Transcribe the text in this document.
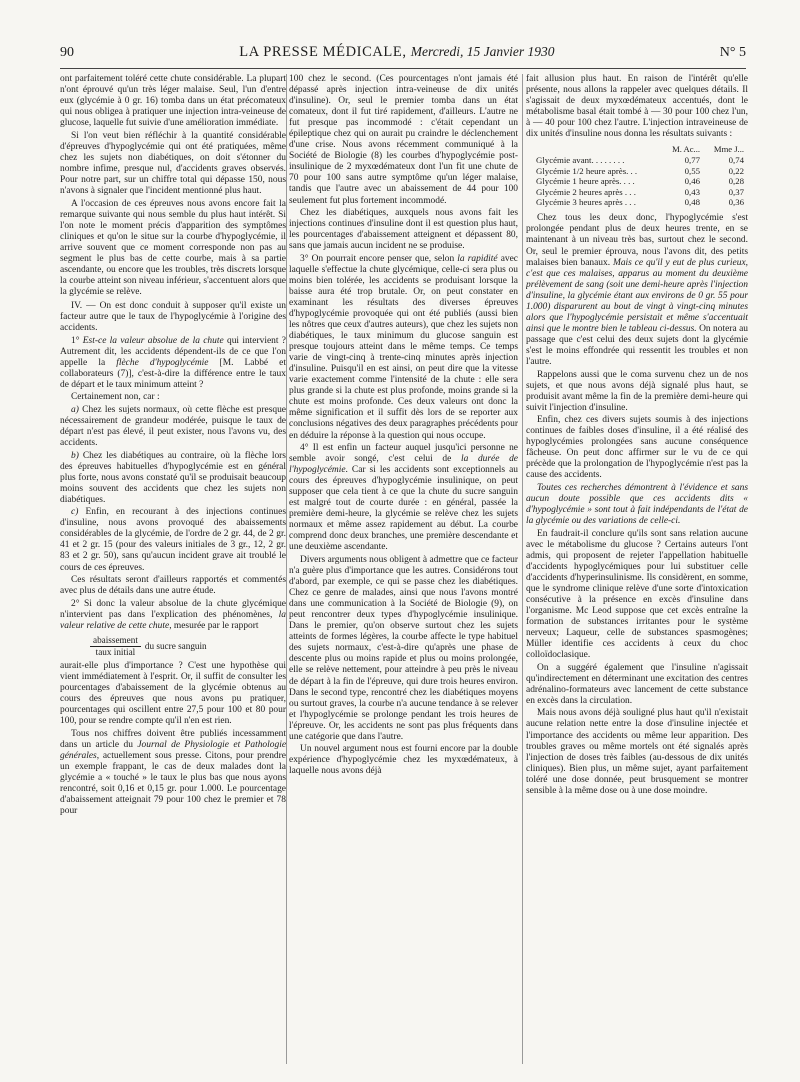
90	LA PRESSE MÉDICALE, Mercredi, 15 Janvier 1930	N° 5

ont parfaitement toléré cette chute considérable. La plupart n'ont éprouvé qu'un très léger malaise. Seul, l'un d'entre eux (glycémie à 0 gr. 16) tomba dans un état précomateux qui nous obligea à pratiquer une injection intra-veineuse de glucose, laquelle fut suivie d'une amélioration immédiate.

Si l'on veut bien réfléchir à la quantité considérable d'épreuves d'hypoglycémie qui ont été pratiquées, même chez les sujets non diabétiques, on doit s'étonner du nombre infime, presque nul, d'accidents graves observés. Pour notre part, sur un chiffre total qui dépasse 150, nous n'avons à signaler que l'incident mentionné plus haut.

A l'occasion de ces épreuves nous avons encore fait la remarque suivante qui nous semble du plus haut intérêt. Si l'on note le moment précis d'apparition des symptômes cliniques et qu'on le situe sur la courbe d'hypoglycémie, il arrive souvent que ce moment corresponde non pas au segment le plus bas de cette courbe, mais à sa partie ascendante, ou encore que les troubles, très discrets lorsque la courbe atteint son niveau inférieur, s'accentuent alors que la glycémie se relève.

IV. — On est donc conduit à supposer qu'il existe un facteur autre que le taux de l'hypoglycémie à l'origine des accidents.

1° Est-ce la valeur absolue de la chute qui intervient ? Autrement dit, les accidents dépendent-ils de ce que l'on appelle la flèche d'hypoglycémie [M. Labbé et collaborateurs (7)], c'est-à-dire la différence entre le taux de départ et le taux minimum atteint ?

Certainement non, car :

a) Chez les sujets normaux, où cette flèche est presque nécessairement de grandeur modérée, puisque le taux de départ n'est pas élevé, il peut exister, nous l'avons vu, des accidents.

b) Chez les diabétiques au contraire, où la flèche lors des épreuves habituelles d'hypoglycémie est en général plus forte, nous avons constaté qu'il se produisait beaucoup moins souvent des accidents que chez les sujets non diabétiques.

c) Enfin, en recourant à des injections continues d'insuline, nous avons provoqué des abaissements considérables de la glycémie, de l'ordre de 2 gr. 44, de 2 gr. 41 et 2 gr. 15 (pour des valeurs initiales de 3 gr., 12, 2 gr. 83 et 2 gr. 50), sans qu'aucun incident grave ait troublé le cours de ces épreuves.

Ces résultats seront d'ailleurs rapportés et commentés avec plus de détails dans une autre étude.

2° Si donc la valeur absolue de la chute glycémique n'intervient pas dans l'explication des phénomènes, la valeur relative de cette chute, mesurée par le rapport

$\frac{\text{abaissement}}{\text{taux initial}}$ du sucre sanguin

aurait-elle plus d'importance ? C'est une hypothèse qui vient immédiatement à l'esprit. Or, il suffit de consulter les pourcentages d'abaissement de la glycémie obtenus au cours des épreuves que nous avons pu pratiquer, pourcentages qui oscillent entre 27,5 pour 100 et 80 pour 100, pour se rendre compte qu'il n'en est rien.

Tous nos chiffres doivent être publiés incessamment dans un article du Journal de Physiologie et Pathologie générales, actuellement sous presse. Citons, pour prendre un exemple frappant, le cas de deux malades dont la glycémie a « touché » le taux le plus bas que nous ayons rencontré, soit 0,16 et 0,15 gr. pour 1.000. Le pourcentage d'abaissement atteignait 79 pour 100 chez le premier et 78 pour

100 chez le second. (Ces pourcentages n'ont jamais été dépassé après injection intra-veineuse de dix unités d'insuline). Or, seul le premier tomba dans un état comateux, dont il fut tiré rapidement, d'ailleurs. L'autre ne fut presque pas incommodé : c'était cependant un épileptique chez qui on aurait pu craindre le déclenchement d'une crise. Nous avons récemment communiqué à la Société de Biologie (8) les courbes d'hypoglycémie post-insulinique de 2 myxœdémateux dont l'un fit une chute de 70 pour 100 sans autre symptôme qu'un léger malaise, tandis que l'autre avec un abaissement de 44 pour 100 seulement fut plus fortement incommodé.

Chez les diabétiques, auxquels nous avons fait les injections continues d'insuline dont il est question plus haut, les pourcentages d'abaissement atteignent et dépassent 80, sans que jamais aucun incident ne se produise.

3° On pourrait encore penser que, selon la rapidité avec laquelle s'effectue la chute glycémique, celle-ci sera plus ou moins bien tolérée, les accidents se produisant lorsque la baisse aura été trop brutale. Or, on peut constater en examinant les résultats des diverses épreuves d'hypoglycémie provoquée qui ont été publiés (aussi bien les nôtres que ceux d'autres auteurs), que chez les sujets non diabétiques, le taux minimum du glucose sanguin est presque toujours atteint dans le même temps. Ce temps varie de vingt-cinq à trente-cinq minutes après injection d'insuline. Puisqu'il en est ainsi, on peut dire que la vitesse varie exactement comme l'intensité de la chute : elle sera plus grande si la chute est plus profonde, moins grande si la chute est moins profonde. Ces deux valeurs ont donc la même signification et il suffit dès lors de se reporter aux conclusions négatives des deux paragraphes précédents pour en déduire la réponse à la question qui nous occupe.

4° Il est enfin un facteur auquel jusqu'ici personne ne semble avoir songé, c'est celui de la durée de l'hypoglycémie. Car si les accidents sont exceptionnels au cours des épreuves d'hypoglycémie insulinique, on peut supposer que cela tient à ce que la chute du sucre sanguin est malgré tout de courte durée : en général, passée la première demi-heure, la glycémie se relève chez les sujets normaux et même assez rapidement au début. La courbe comprend donc deux branches, une première descendante et une deuxième ascendante.

Divers arguments nous obligent à admettre que ce facteur n'a guère plus d'importance que les autres. Considérons tout d'abord, par exemple, ce qui se passe chez les diabétiques. Chez ce genre de malades, ainsi que nous l'avons montré dans une communication à la Société de Biologie (9), on peut rencontrer deux types d'hypoglycémie insulinique. Dans le premier, qu'on observe surtout chez les sujets atteints de formes légères, la courbe affecte le type habituel des sujets normaux, c'est-à-dire qu'après une phase de descente plus ou moins rapide et plus ou moins prolongée, elle se relève nettement, pour atteindre à peu près le niveau de départ à la fin de l'épreuve, qui dure trois heures environ. Dans le second type, rencontré chez les diabétiques moyens ou surtout graves, la courbe n'a aucune tendance à se relever et l'hypoglycémie se prolonge pendant les trois heures de l'épreuve. Or, les accidents ne sont pas plus fréquents dans une catégorie que dans l'autre.

Un nouvel argument nous est fourni encore par la double expérience d'hypoglycémie chez les myxœdémateux, à laquelle nous avons déjà

fait allusion plus haut. En raison de l'intérêt qu'elle présente, nous allons la rappeler avec quelques détails. Il s'agissait de deux myxœdémateux accentués, dont le métabolisme basal était tombé à — 30 pour 100 chez l'un, à — 40 pour 100 chez l'autre. L'injection intraveineuse de dix unités d'insuline nous donna les résultats suivants :

	M. Ac...	Mme J...
Glycémie avant. . . . . . . .	0,77	0,74
Glycémie 1/2 heure après. . .	0,55	0,22
Glycémie 1 heure après. . . .	0,46	0,28
Glycémie 2 heures après . . .	0,43	0,37
Glycémie 3 heures après . . .	0,48	0,36

Chez tous les deux donc, l'hypoglycémie s'est prolongée pendant plus de deux heures trente, en se maintenant à un niveau très bas, surtout chez le second. Or, seul le premier éprouva, nous l'avons dit, des petits malaises bien banaux. Mais ce qu'il y eut de plus curieux, c'est que ces malaises, apparus au moment du deuxième prélèvement de sang (soit une demi-heure après l'injection d'insuline, la glycémie étant aux environs de 0 gr. 55 pour 1.000) disparurent au bout de vingt à vingt-cinq minutes alors que l'hypoglycémie persistait et même s'accentuait ainsi que le montre bien le tableau ci-dessus. On notera au passage que c'est celui des deux sujets dont la glycémie s'est le moins effondrée qui ressentit les troubles et non l'autre.

Rappelons aussi que le coma survenu chez un de nos sujets, et que nous avons déjà signalé plus haut, se produisit avant même la fin de la première demi-heure qui suivit l'injection d'insuline.

Enfin, chez ces divers sujets soumis à des injections continues de faibles doses d'insuline, il a été réalisé des hypoglycémies prolongées sans aucune conséquence fâcheuse. On peut donc affirmer sur le vu de ce qui précède que la prolongation de l'hypoglycémie n'est pas la cause des accidents.

Toutes ces recherches démontrent à l'évidence et sans aucun doute possible que ces accidents dits « d'hypoglycémie » sont tout à fait indépendants de l'état de la glycémie ou des variations de celle-ci.

En faudrait-il conclure qu'ils sont sans relation aucune avec le métabolisme du glucose ? Certains auteurs l'ont admis, qui proposent de rejeter l'appellation habituelle d'accidents hypoglycémiques pour lui substituer celle d'accidents d'hyperinsulinisme. Ils considèrent, en somme, que le syndrome clinique relève d'une sorte d'intoxication consécutive à la présence en excès d'insuline dans l'organisme. Mc Leod suppose que cet excès entraîne la formation de substances irritantes pour le système nerveux; Laqueur, celle de substances spasmogènes; Müller identifie ces accidents à ceux du choc colloïdoclasique.

On a suggéré également que l'insuline n'agissait qu'indirectement en déterminant une excitation des centres adrénalino-formateurs avec lancement de cette substance en excès dans la circulation.

Mais nous avons déjà souligné plus haut qu'il n'existait aucune relation nette entre la dose d'insuline injectée et l'importance des accidents ou même leur apparition. Des troubles graves ou même mortels ont été signalés après l'injection de doses très faibles (au-dessous de dix unités cliniques). Bien plus, un même sujet, ayant parfaitement toléré une dose donnée, peut brusquement se montrer sensible à la même dose ou à une dose moindre.
